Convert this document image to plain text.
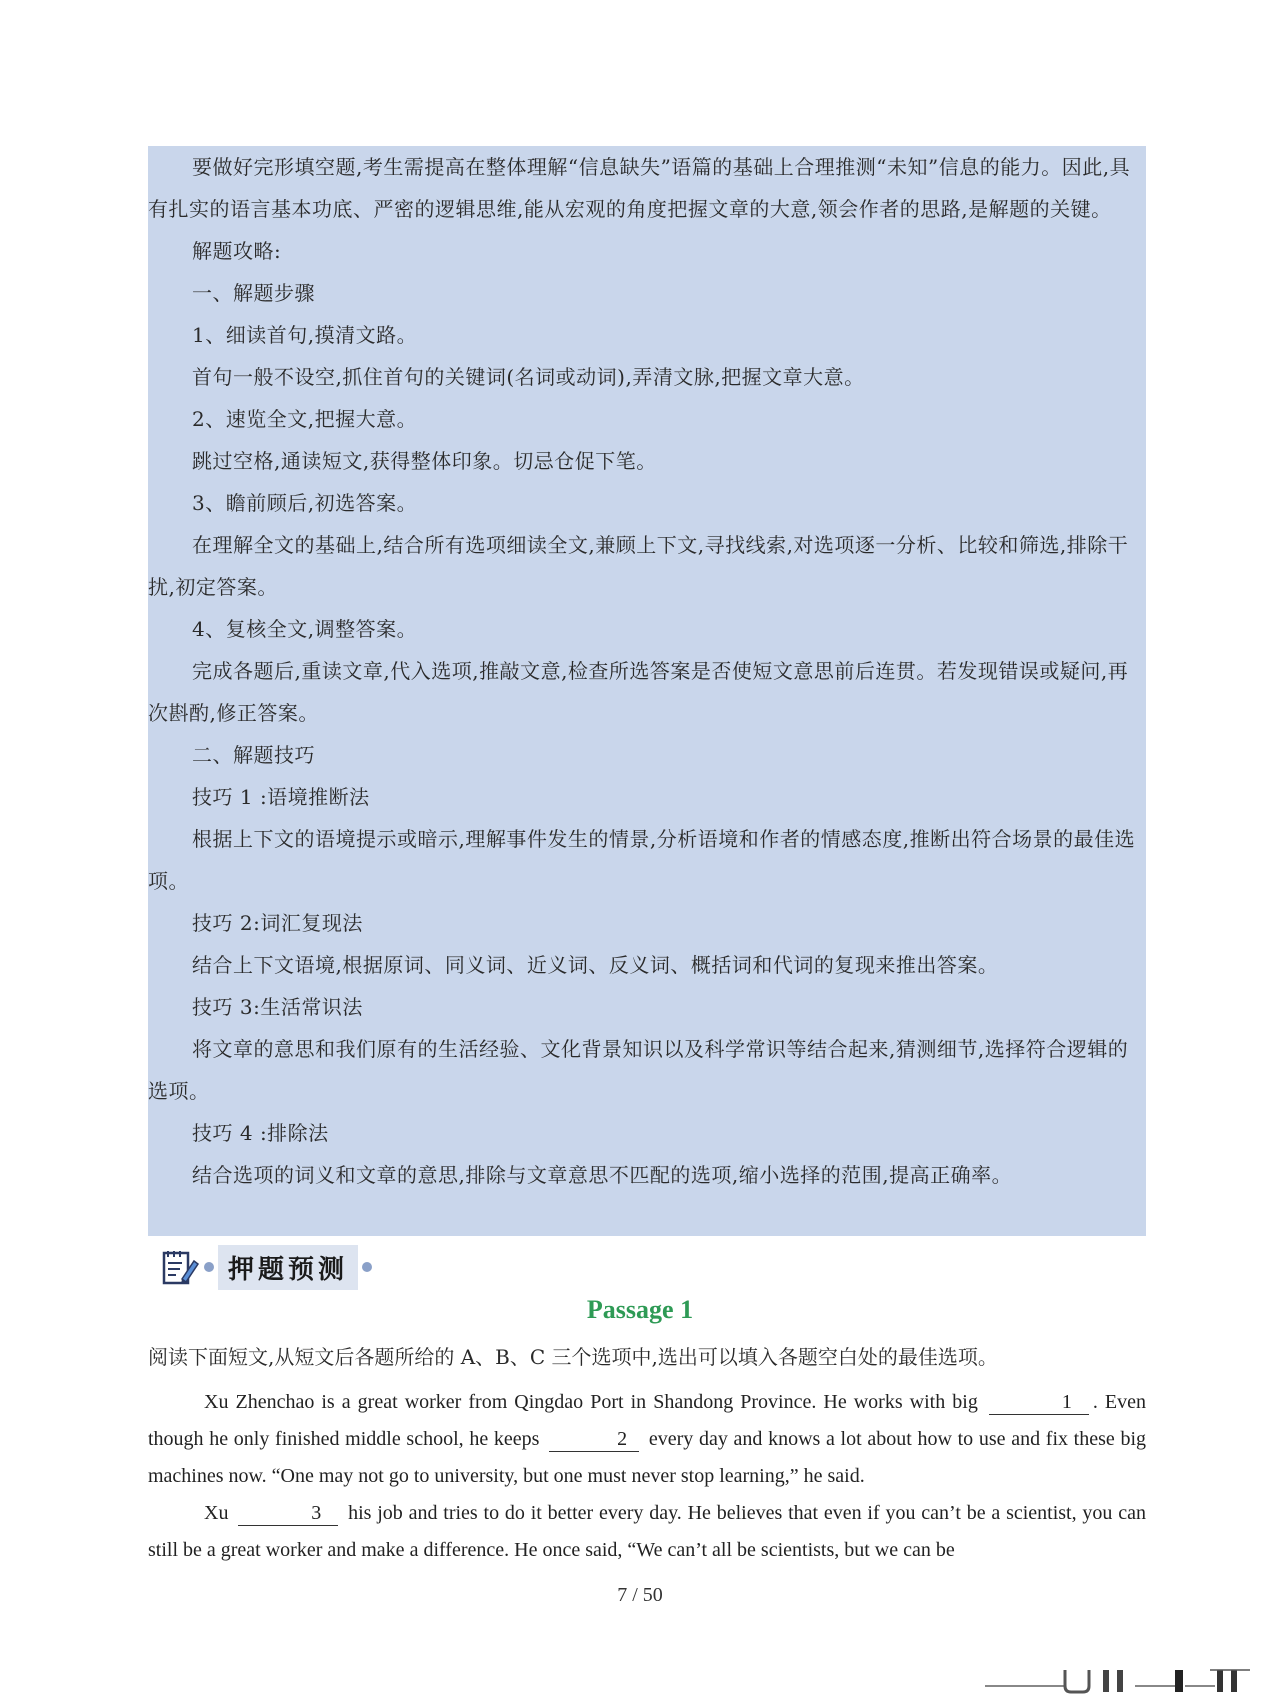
要做好完形填空题,考生需提高在整体理解“信息缺失”语篇的基础上合理推测“未知”信息的能力。因此,具有扎实的语言基本功底、严密的逻辑思维,能从宏观的角度把握文章的大意,领会作者的思路,是解题的关键。

解题攻略:

一、解题步骤

1、细读首句,摸清文路。

首句一般不设空,抓住首句的关键词(名词或动词),弄清文脉,把握文章大意。

2、速览全文,把握大意。

跳过空格,通读短文,获得整体印象。切忌仓促下笔。

3、瞻前顾后,初选答案。

在理解全文的基础上,结合所有选项细读全文,兼顾上下文,寻找线索,对选项逐一分析、比较和筛选,排除干扰,初定答案。

4、复核全文,调整答案。

完成各题后,重读文章,代入选项,推敲文意,检查所选答案是否使短文意思前后连贯。若发现错误或疑问,再次斟酌,修正答案。

二、解题技巧

技巧 1 :语境推断法

根据上下文的语境提示或暗示,理解事件发生的情景,分析语境和作者的情感态度,推断出符合场景的最佳选项。

技巧 2:词汇复现法

结合上下文语境,根据原词、同义词、近义词、反义词、概括词和代词的复现来推出答案。

技巧 3:生活常识法

将文章的意思和我们原有的生活经验、文化背景知识以及科学常识等结合起来,猜测细节,选择符合逻辑的选项。

技巧 4 :排除法

结合选项的词义和文章的意思,排除与文章意思不匹配的选项,缩小选择的范围,提高正确率。

押题预测
Passage 1
阅读下面短文,从短文后各题所给的 A、B、C 三个选项中,选出可以填入各题空白处的最佳选项。

Xu Zhenchao is a great worker from Qingdao Port in Shandong Province. He works with big	1 . Even though he only finished middle school, he keeps	2 every day and knows a lot about how to use and fix these big machines now. “One may not go to university, but one must never stop learning,” he said.

Xu	3 his job and tries to do it better every day. He believes that even if you can’t be a scientist, you can still be a great worker and make a difference. He once said, “We can’t all be scientists, but we can be

7 / 50
